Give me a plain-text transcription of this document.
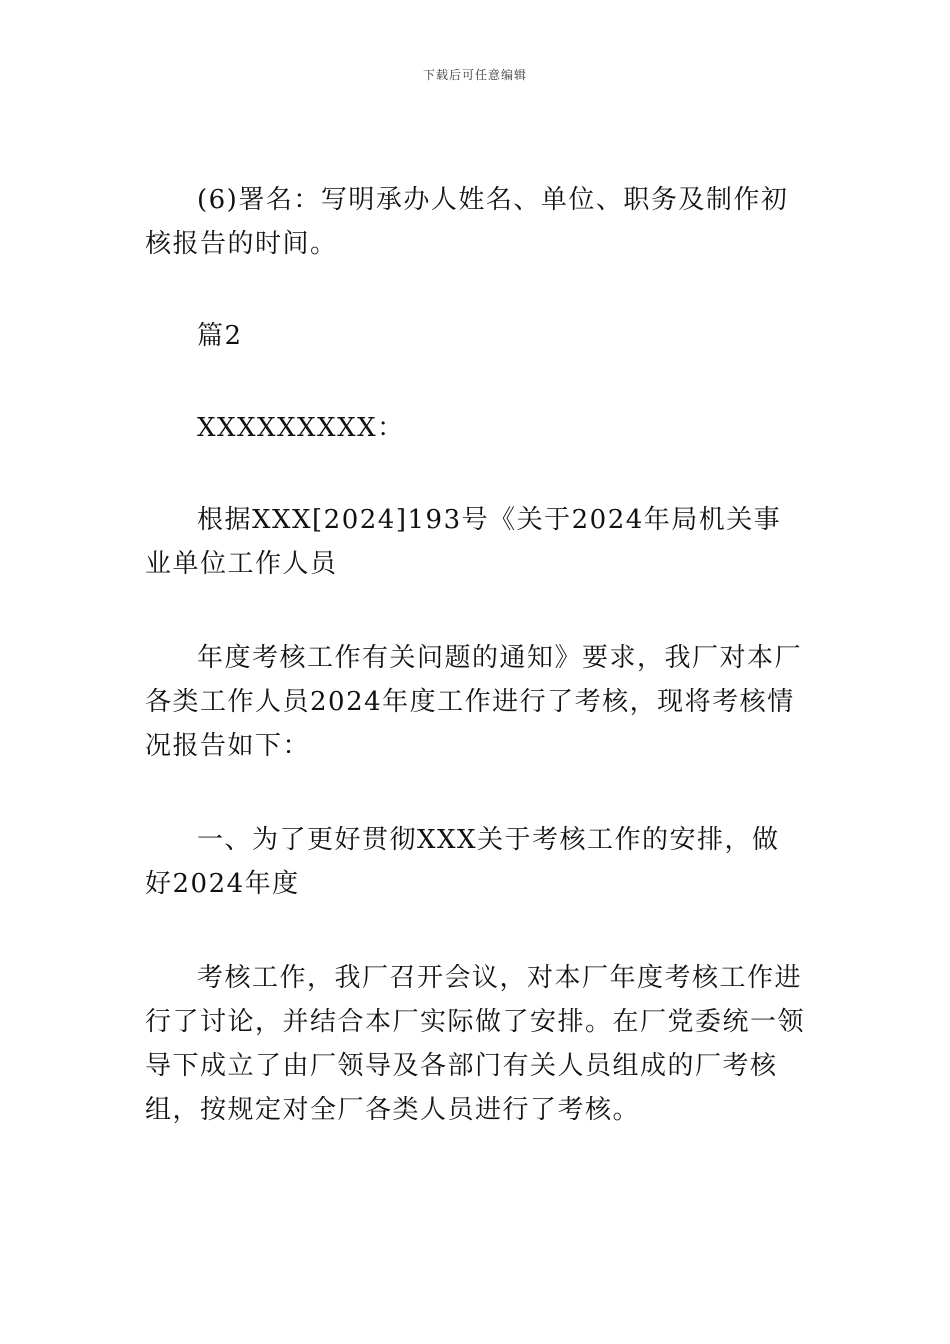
下载后可任意编辑

(6)署名：写明承办人姓名、单位、职务及制作初核报告的时间。

篇2

XXXXXXXXX：

根据XXX[2024]193号《关于2024年局机关事业单位工作人员

年度考核工作有关问题的通知》要求，我厂对本厂各类工作人员2024年度工作进行了考核，现将考核情况报告如下：

一、为了更好贯彻XXX关于考核工作的安排，做好2024年度

考核工作，我厂召开会议，对本厂年度考核工作进行了讨论，并结合本厂实际做了安排。在厂党委统一领导下成立了由厂领导及各部门有关人员组成的厂考核组，按规定对全厂各类人员进行了考核。
